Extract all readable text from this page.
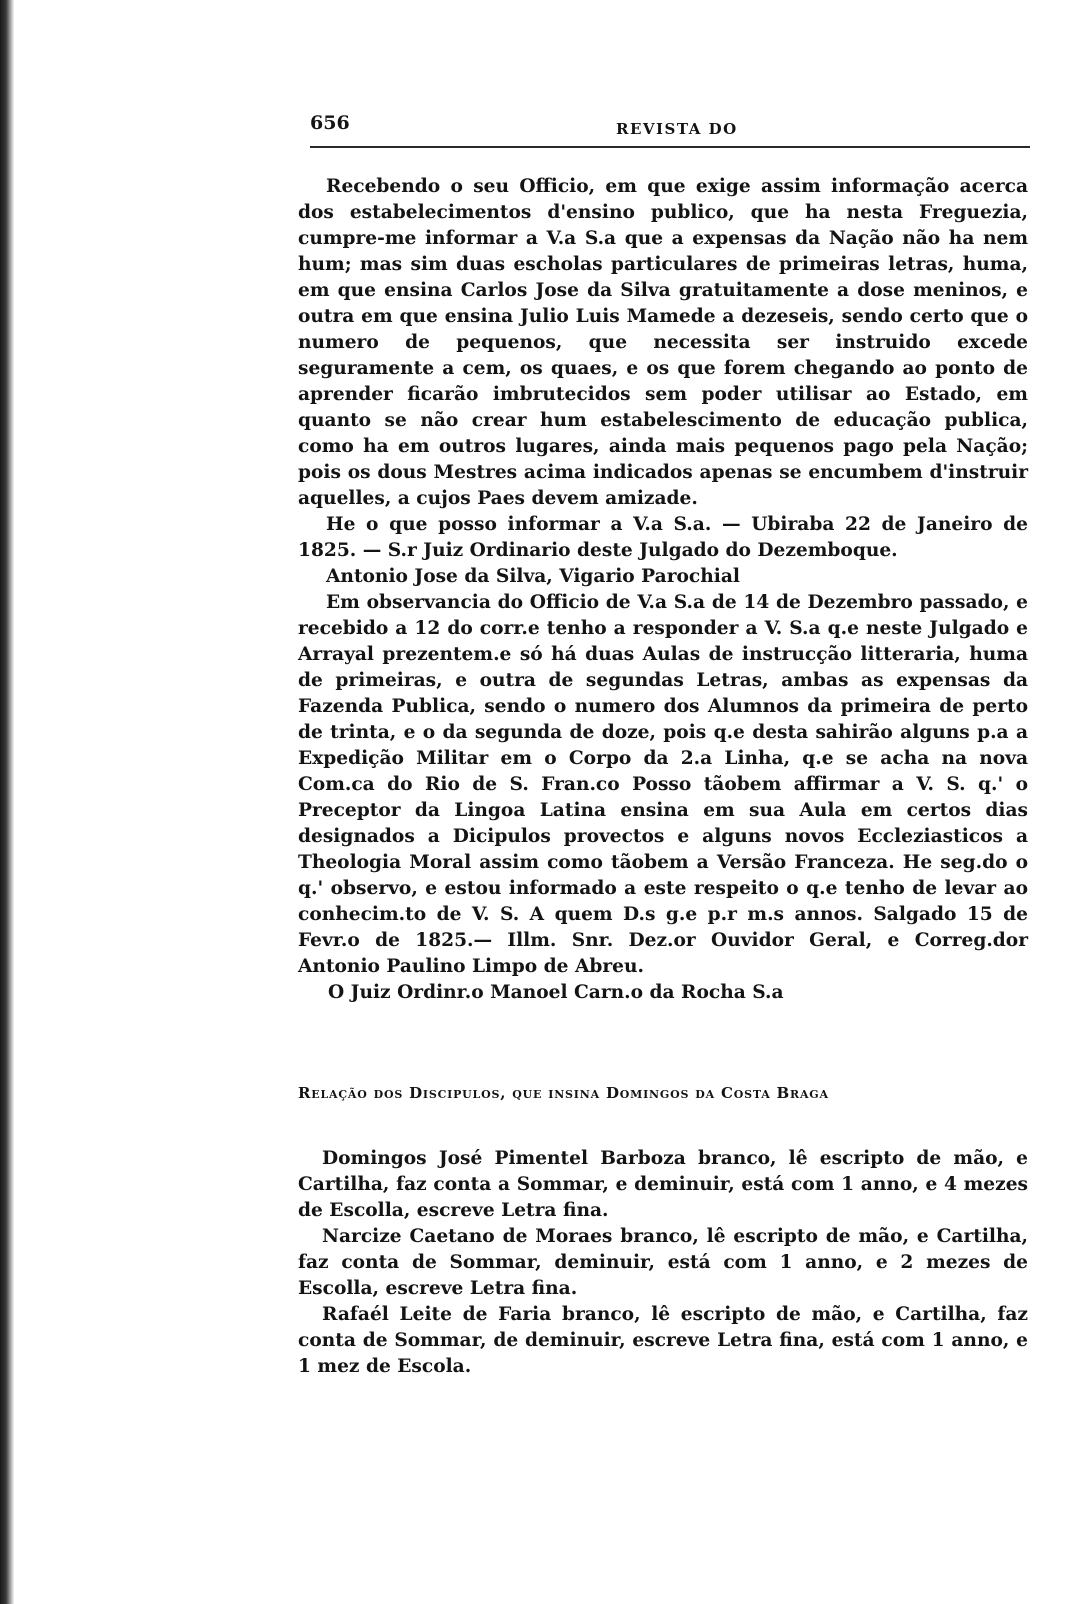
656	REVISTA DO

Recebendo o seu Officio, em que exige assim informação acerca dos estabelecimentos d'ensino publico, que ha nesta Freguezia, cumpre-me informar a V.a S.a que a expensas da Nação não ha nem hum; mas sim duas escholas particulares de primeiras letras, huma, em que ensina Carlos Jose da Silva gratuitamente a dose meninos, e outra em que ensina Julio Luis Mamede a dezeseis, sendo certo que o numero de pequenos, que necessita ser instruido excede seguramente a cem, os quaes, e os que forem chegando ao ponto de aprender ficarão imbrutecidos sem poder utilisar ao Estado, em quanto se não crear hum estabelescimento de educação publica, como ha em outros lugares, ainda mais pequenos pago pela Nação; pois os dous Mestres acima indicados apenas se encumbem d'instruir aquelles, a cujos Paes devem amizade.

He o que posso informar a V.a S.a. — Ubiraba 22 de Janeiro de 1825. — S.r Juiz Ordinario deste Julgado do Dezemboque.

Antonio Jose da Silva, Vigario Parochial

Em observancia do Officio de V.a S.a de 14 de Dezembro passado, e recebido a 12 do corr.e tenho a responder a V. S.a q.e neste Julgado e Arrayal prezentem.e só há duas Aulas de instrucção litteraria, huma de primeiras, e outra de segundas Letras, ambas as expensas da Fazenda Publica, sendo o numero dos Alumnos da primeira de perto de trinta, e o da segunda de doze, pois q.e desta sahirão alguns p.a a Expedição Militar em o Corpo da 2.a Linha, q.e se acha na nova Com.ca do Rio de S. Fran.co Posso tãobem affirmar a V. S. q.' o Preceptor da Lingoa Latina ensina em sua Aula em certos dias designados a Dicipulos provectos e alguns novos Eccleziasticos a Theologia Moral assim como tãobem a Versão Franceza. He seg.do o q.' observo, e estou informado a este respeito o q.e tenho de levar ao conhecim.to de V. S. A quem D.s g.e p.r m.s annos. Salgado 15 de Fevr.o de 1825.— Illm. Snr. Dez.or Ouvidor Geral, e Correg.dor Antonio Paulino Limpo de Abreu.

O Juiz Ordinr.o Manoel Carn.o da Rocha S.a

Relação dos Discipulos, que insina Domingos da Costa Braga

Domingos José Pimentel Barboza branco, lê escripto de mão, e Cartilha, faz conta a Sommar, e deminuir, está com 1 anno, e 4 mezes de Escolla, escreve Letra fina.

Narcize Caetano de Moraes branco, lê escripto de mão, e Cartilha, faz conta de Sommar, deminuir, está com 1 anno, e 2 mezes de Escolla, escreve Letra fina.

Rafaél Leite de Faria branco, lê escripto de mão, e Cartilha, faz conta de Sommar, de deminuir, escreve Letra fina, está com 1 anno, e 1 mez de Escola.
